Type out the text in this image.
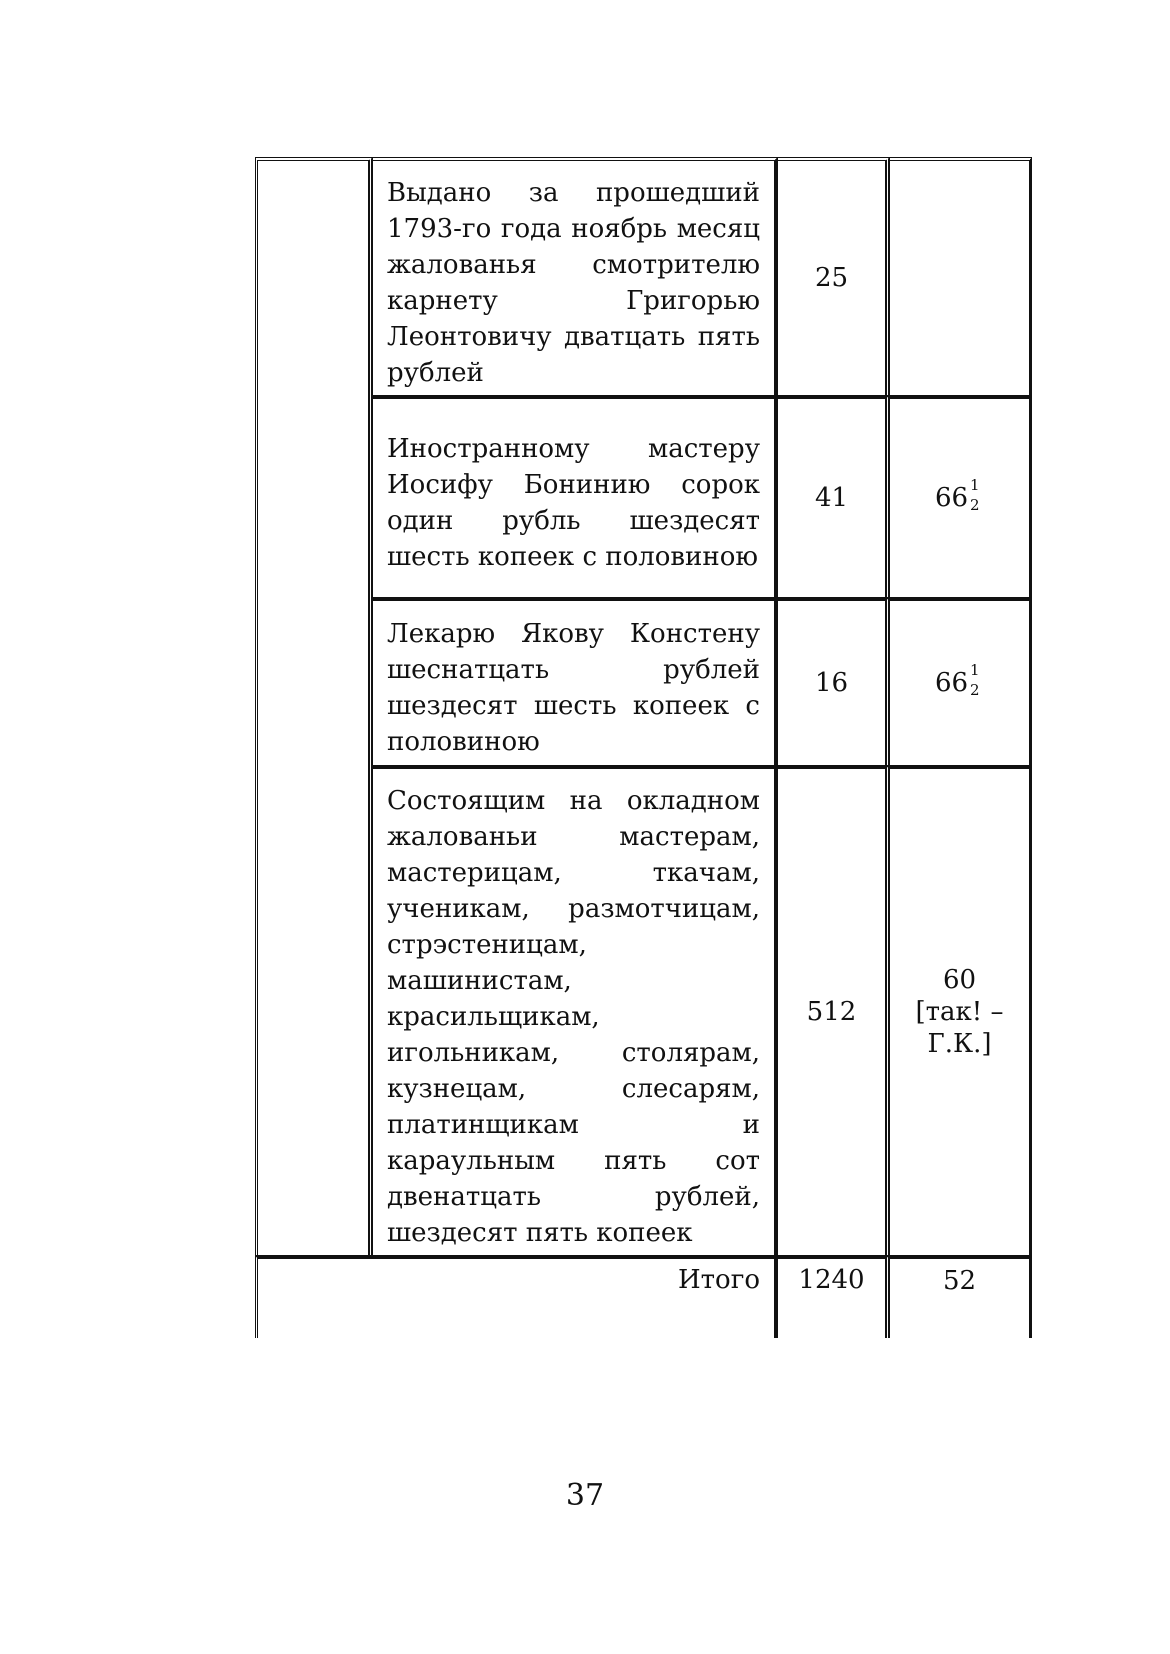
	Выдано за прошедший 1793-го года ноябрь месяц жалованья смотрителю карнету Григорью Леонтовичу дватцать пять рублей	25	

	Иностранному мастеру Иосифу Бонинию сорок один рубль шездесят шесть копеек с половиною	41	66 1
2

	Лекарю Якову Констену шеснатцать рублей шездесят шесть копеек с половиною	16	66 1
2

	Состоящим на окладном жалованьи мастерам, мастерицам, ткачам, ученикам, размотчицам, стрэстеницам, машинистам, красильщикам, игольникам, столярам, кузнецам, слесарям, платинщикам и караульным пять сот двенатцать рублей, шездесят пять копеек	512	60
[так! – Г.К.]

Итого		1240	52
37
